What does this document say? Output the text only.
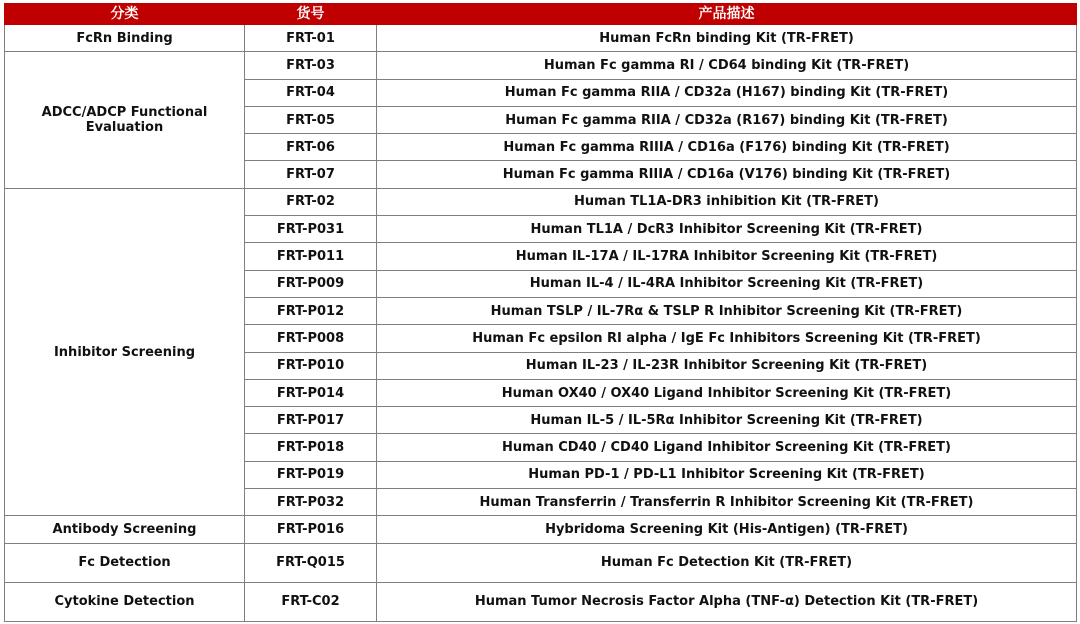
分类	货号	产品描述
FcRn Binding	FRT-01	Human FcRn binding Kit (TR-FRET)
ADCC/ADCP Functional Evaluation	FRT-03	Human Fc gamma RI / CD64 binding Kit (TR-FRET)
	FRT-04	Human Fc gamma RIIA / CD32a (H167) binding Kit (TR-FRET)
	FRT-05	Human Fc gamma RIIA / CD32a (R167) binding Kit (TR-FRET)
	FRT-06	Human Fc gamma RIIIA / CD16a (F176) binding Kit (TR-FRET)
	FRT-07	Human Fc gamma RIIIA / CD16a (V176) binding Kit (TR-FRET)
Inhibitor Screening	FRT-02	Human TL1A-DR3 inhibition Kit (TR-FRET)
	FRT-P031	Human TL1A / DcR3 Inhibitor Screening Kit (TR-FRET)
	FRT-P011	Human IL-17A / IL-17RA Inhibitor Screening Kit (TR-FRET)
	FRT-P009	Human IL-4 / IL-4RA Inhibitor Screening Kit (TR-FRET)
	FRT-P012	Human TSLP / IL-7Rα & TSLP R Inhibitor Screening Kit (TR-FRET)
	FRT-P008	Human Fc epsilon RI alpha / IgE Fc Inhibitors Screening Kit (TR-FRET)
	FRT-P010	Human IL-23 / IL-23R Inhibitor Screening Kit (TR-FRET)
	FRT-P014	Human OX40 / OX40 Ligand Inhibitor Screening Kit (TR-FRET)
	FRT-P017	Human IL-5 / IL-5Rα Inhibitor Screening Kit (TR-FRET)
	FRT-P018	Human CD40 / CD40 Ligand Inhibitor Screening Kit (TR-FRET)
	FRT-P019	Human PD-1 / PD-L1 Inhibitor Screening Kit (TR-FRET)
	FRT-P032	Human Transferrin / Transferrin R Inhibitor Screening Kit (TR-FRET)
Antibody Screening	FRT-P016	Hybridoma Screening Kit (His-Antigen) (TR-FRET)
Fc Detection	FRT-Q015	Human Fc Detection Kit (TR-FRET)
Cytokine Detection	FRT-C02	Human Tumor Necrosis Factor Alpha (TNF-α) Detection Kit (TR-FRET)
